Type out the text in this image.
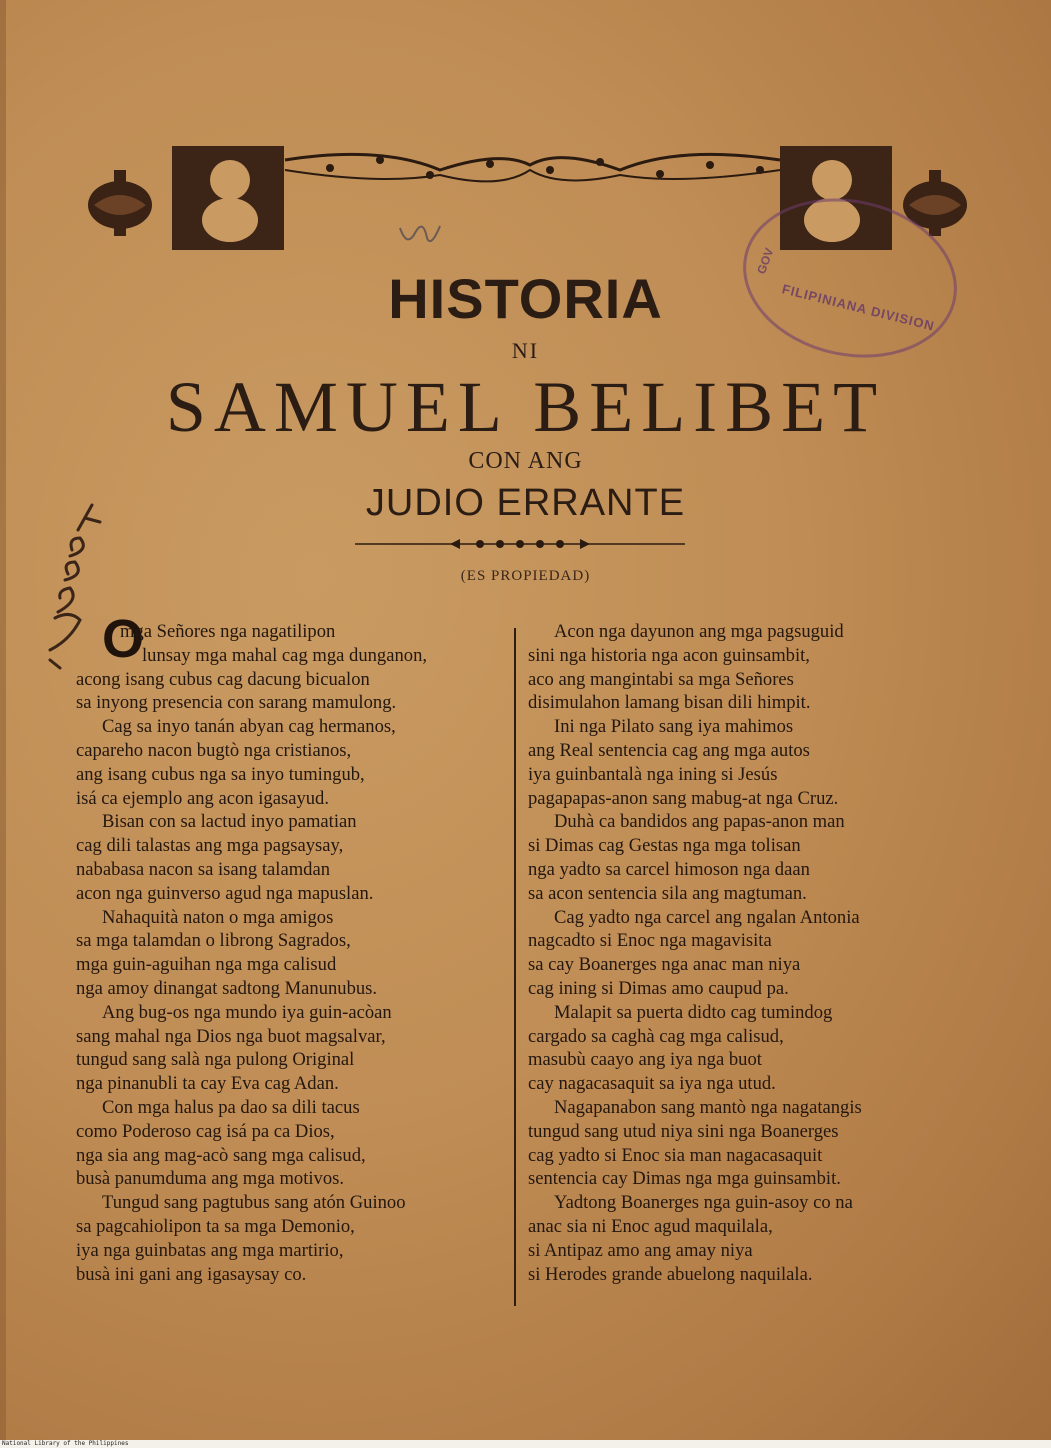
GOV
FILIPINIANA DIVISION
HISTORIA
NI
SAMUEL BELIBET
CON ANG
JUDIO ERRANTE
(ES PROPIEDAD)
O

mga Señores nga nagatilipon

lunsay mga mahal cag mga dunganon,

acong isang cubus cag dacung bicualon

sa inyong presencia con sarang mamulong.

Cag sa inyo tanán abyan cag hermanos,

capareho nacon bugtò nga cristianos,

ang isang cubus nga sa inyo tumingub,

isá ca ejemplo ang acon igasayud.

Bisan con sa lactud inyo pamatian

cag dili talastas ang mga pagsaysay,

nababasa nacon sa isang talamdan

acon nga guinverso agud nga mapuslan.

Nahaquità naton o mga amigos

sa mga talamdan o librong Sagrados,

mga guin-aguihan nga mga calisud

nga amoy dinangat sadtong Manunubus.

Ang bug-os nga mundo iya guin-acòan

sang mahal nga Dios nga buot magsalvar,

tungud sang salà nga pulong Original

nga pinanubli ta cay Eva cag Adan.

Con mga halus pa dao sa dili tacus

como Poderoso cag isá pa ca Dios,

nga sia ang mag-acò sang mga calisud,

busà panumduma ang mga motivos.

Tungud sang pagtubus sang atón Guinoo

sa pagcahiolipon ta sa mga Demonio,

iya nga guinbatas ang mga martirio,

busà ini gani ang igasaysay co.

Acon nga dayunon ang mga pagsuguid

sini nga historia nga acon guinsambit,

aco ang mangintabi sa mga Señores

disimulahon lamang bisan dili himpit.

Ini nga Pilato sang iya mahimos

ang Real sentencia cag ang mga autos

iya guinbantalà nga ining si Jesús

pagapapas-anon sang mabug-at nga Cruz.

Duhà ca bandidos ang papas-anon man

si Dimas cag Gestas nga mga tolisan

nga yadto sa carcel himoson nga daan

sa acon sentencia sila ang magtuman.

Cag yadto nga carcel ang ngalan Antonia

nagcadto si Enoc nga magavisita

sa cay Boanerges nga anac man niya

cag ining si Dimas amo caupud pa.

Malapit sa puerta didto cag tumindog

cargado sa caghà cag mga calisud,

masubù caayo ang iya nga buot

cay nagacasaquit sa iya nga utud.

Nagapanabon sang mantò nga nagatangis

tungud sang utud niya sini nga Boanerges

cag yadto si Enoc sia man nagacasaquit

sentencia cay Dimas nga mga guinsambit.

Yadtong Boanerges nga guin-asoy co na

anac sia ni Enoc agud maquilala,

si Antipaz amo ang amay niya

si Herodes grande abuelong naquilala.

National Library of the Philippines
